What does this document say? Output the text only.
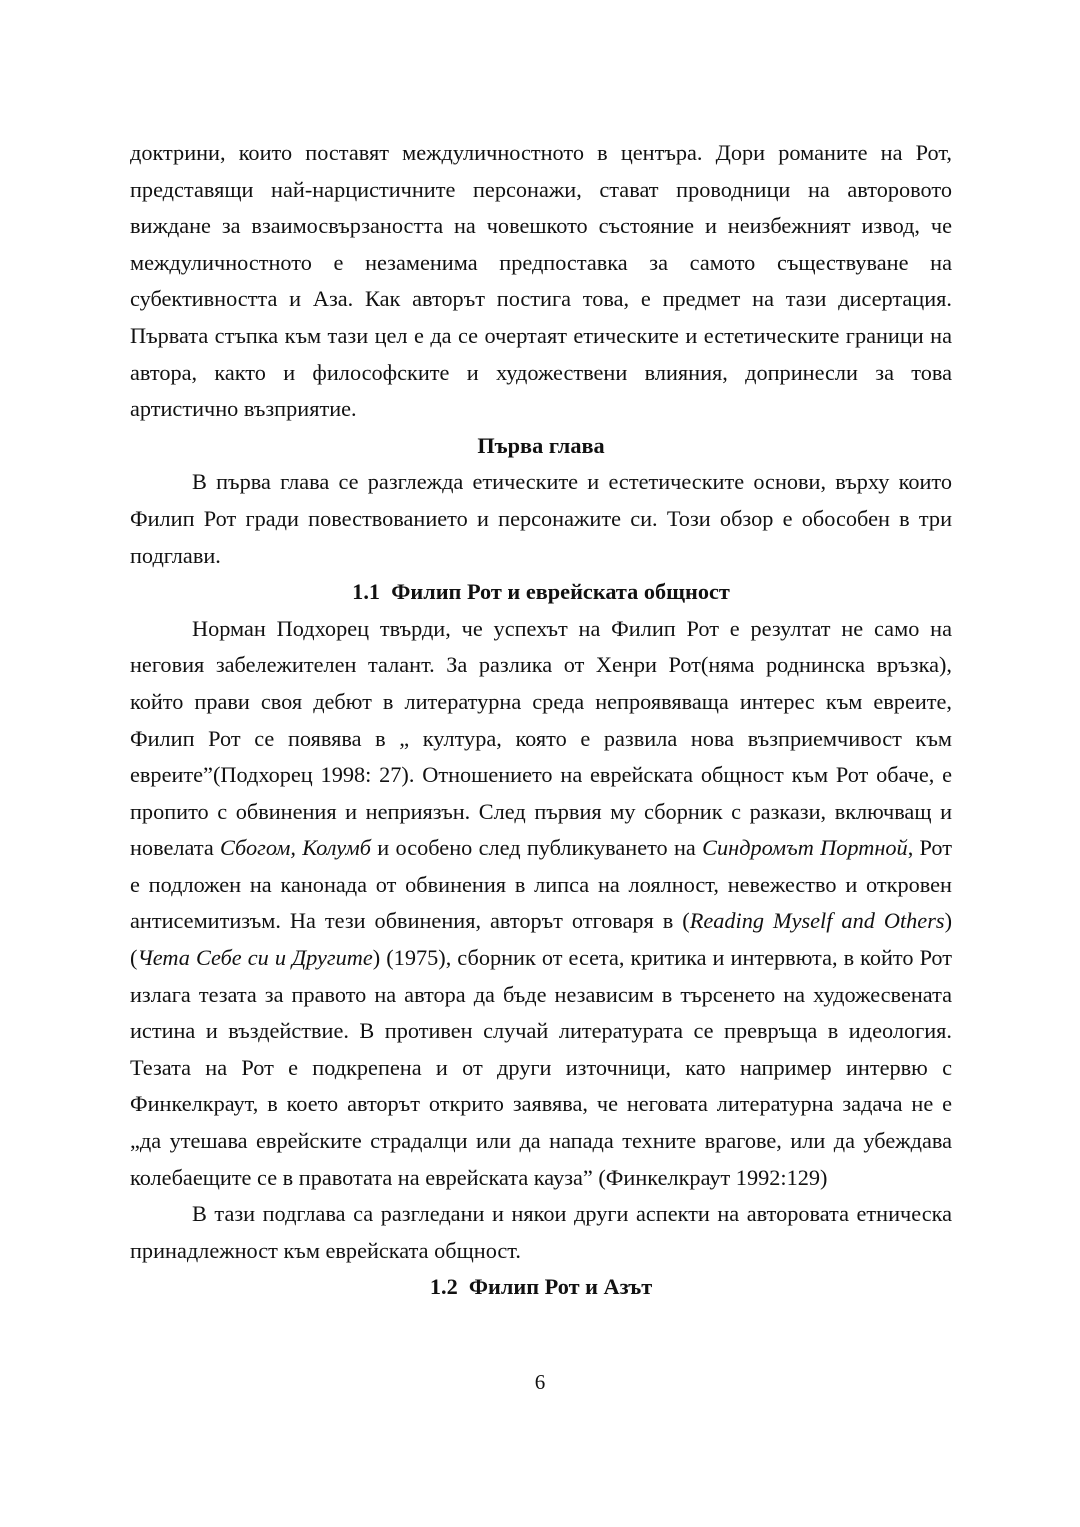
доктрини, които поставят междуличностното в центъра. Дори романите на Рот, представящи най-нарцистичните персонажи, стават проводници на авторовото виждане за взаимосвързаността на човешкото състояние и неизбежният извод, че междуличностното е незаменима предпоставка за самото съществуване на субективността и Аза. Как авторът постига това, е предмет на тази дисертация. Първата стъпка към тази цел е да се очертаят етическите и естетическите граници на автора, както и философските и художествени влияния, допринесли за това артистично възприятие.

Първа глава

В първа глава се разглежда етическите и естетическите основи, върху които Филип Рот гради повествованието и персонажите си. Този обзор е обособен в три подглави.

1.1 Филип Рот и еврейската общност

Норман Подхорец твърди, че успехът на Филип Рот е резултат не само на неговия забележителен талант. За разлика от Хенри Рот(няма роднинска връзка), който прави своя дебют в литературна среда непроявяваща интерес към евреите, Филип Рот се появява в „ култура, която е развила нова възприемчивост към евреите”(Подхорец 1998: 27). Отношението на еврейската общност към Рот обаче, е пропито с обвинения и неприязън. След първия му сборник с разкази, включващ и новелата Сбогом, Колумб и особено след публикуването на Синдромът Портной, Рот е подложен на канонада от обвинения в липса на лоялност, невежество и откровен антисемитизъм. На тези обвинения, авторът отговаря в (Reading Myself and Others) (Чета Себе си и Другите) (1975), сборник от есета, критика и интервюта, в който Рот излага тезата за правото на автора да бъде независим в търсенето на художесвената истина и въздействие. В противен случай литературата се превръща в идеология. Тезата на Рот е подкрепена и от други източници, като например интервю с Финкелкраут, в което авторът открито заявява, че неговата литературна задача не е „да утешава еврейските страдалци или да напада техните врагове, или да убеждава колебаещите се в правотата на еврейската кауза” (Финкелкраут 1992:129)

В тази подглава са разгледани и някои други аспекти на авторовата етническа принадлежност към еврейската общност.

1.2 Филип Рот и Азът
6
